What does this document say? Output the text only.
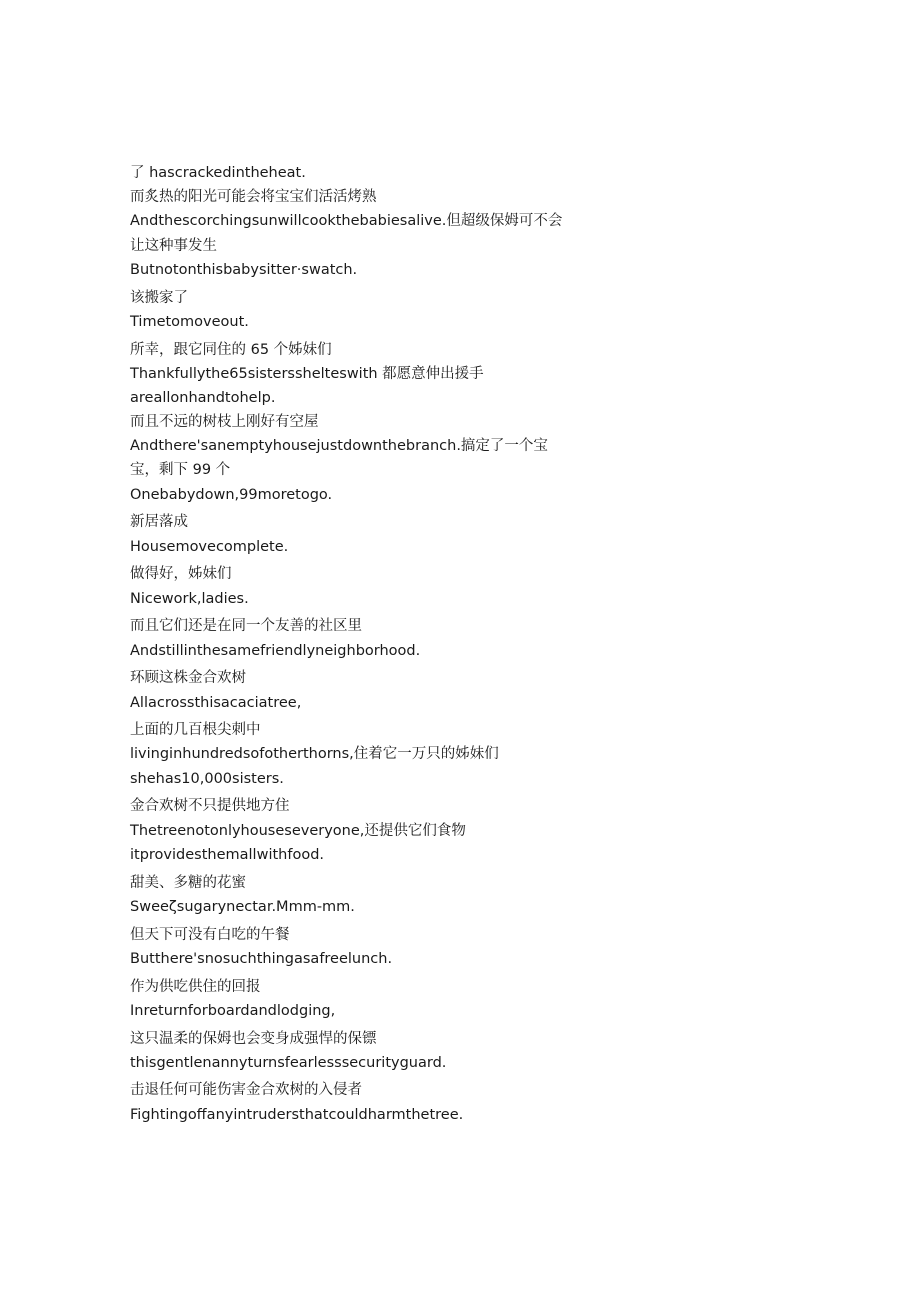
了 hascrackedintheheat.
而炙热的阳光可能会将宝宝们活活烤熟
Andthescorchingsunwillcookthebabiesalive.但超级保姆可不会
让这种事发生
Butnotonthisbabysitter·swatch.
该搬家了
Timetomoveout.
所幸，跟它同住的 65 个姊妹们
Thankfullythe65sistersshelteswith 都愿意伸出援手
areallonhandtohelp.
而且不远的树枝上刚好有空屋
Andthere'sanemptyhousejustdownthebranch.搞定了一个宝
宝，剩下 99 个
Onebabydown,99moretogo.
新居落成
Housemovecomplete.
做得好，姊妹们
Nicework,ladies.
而且它们还是在同一个友善的社区里
Andstillinthesamefriendlyneighborhood.
环顾这株金合欢树
Allacrossthisacaciatree,
上面的几百根尖刺中
livinginhundredsofotherthorns,住着它一万只的姊妹们
shehas10,000sisters.
金合欢树不只提供地方住
Thetreenotonlyhouseseveryone,还提供它们食物
itprovidesthemallwithfood.
甜美、多糖的花蜜
Sweeζsugarynectar.Mmm-mm.
但天下可没有白吃的午餐
Butthere'snosuchthingasafreelunch.
作为供吃供住的回报
Inreturnforboardandlodging,
这只温柔的保姆也会变身成强悍的保镖
thisgentlenannyturnsfearlesssecurityguard.
击退任何可能伤害金合欢树的入侵者
Fightingoffanyintrudersthatcouldharmthetree.
